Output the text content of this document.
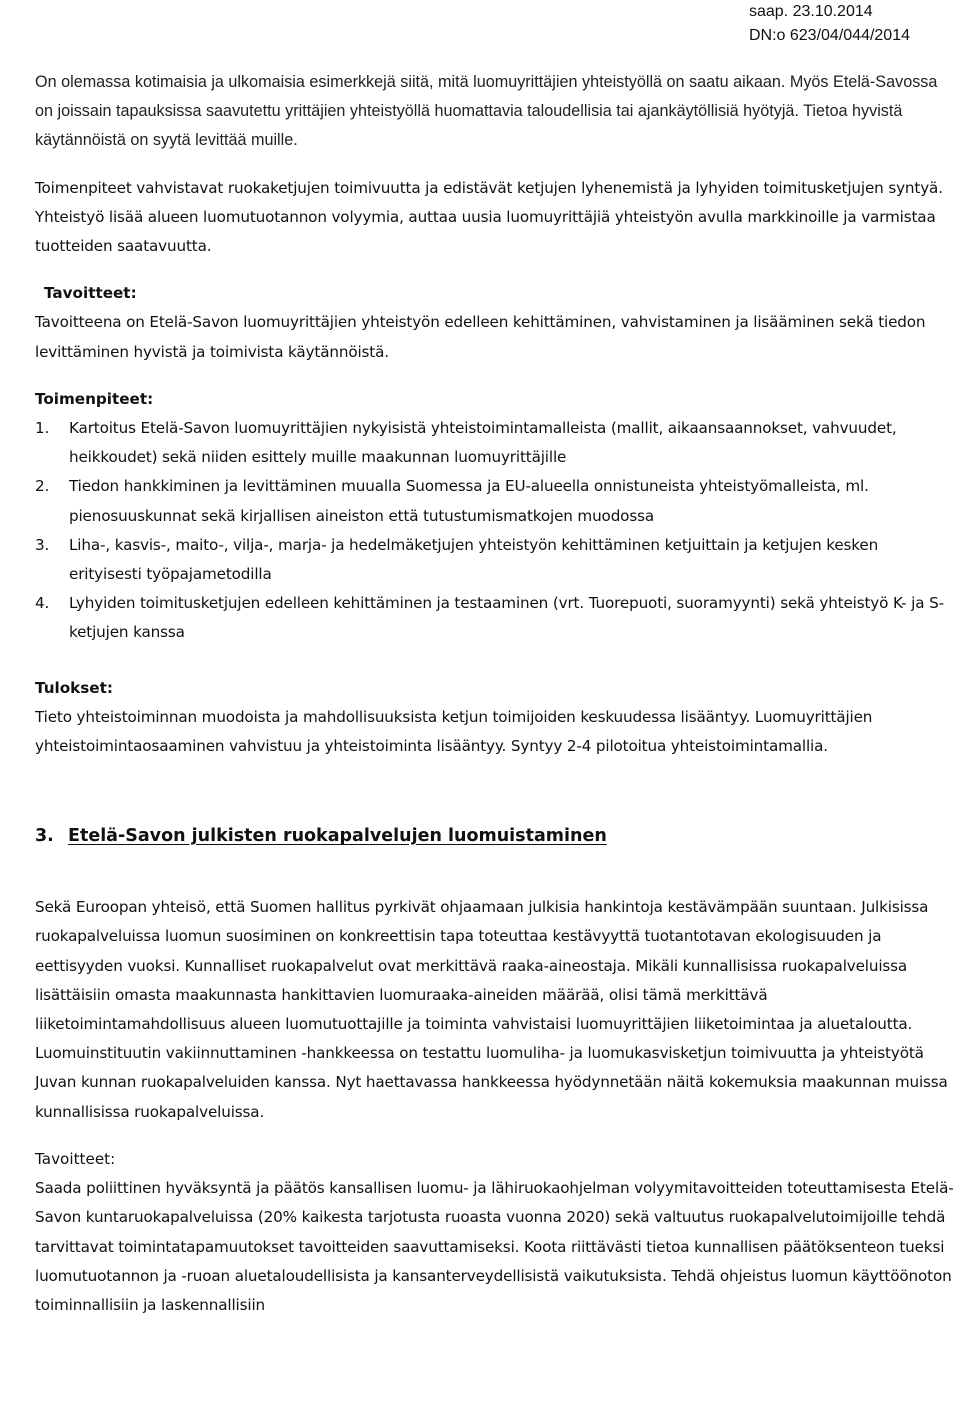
saap. 23.10.2014
DN:o 623/04/044/2014

On olemassa kotimaisia ja ulkomaisia esimerkkejä siitä, mitä luomuyrittäjien yhteistyöllä on saatu aikaan. Myös Etelä-Savossa on joissain tapauksissa saavutettu yrittäjien yhteistyöllä huomattavia taloudellisia tai ajankäytöllisiä hyötyjä. Tietoa hyvistä käytännöistä on syytä levittää muille.

Toimenpiteet vahvistavat ruokaketjujen toimivuutta ja edistävät ketjujen lyhenemistä ja lyhyiden toimitusketjujen syntyä. Yhteistyö lisää alueen luomutuotannon volyymia, auttaa uusia luomuyrittäjiä yhteistyön avulla markkinoille ja varmistaa tuotteiden saatavuutta.

Tavoitteet:

Tavoitteena on Etelä-Savon luomuyrittäjien yhteistyön edelleen kehittäminen, vahvistaminen ja lisääminen sekä tiedon levittäminen hyvistä ja toimivista käytännöistä.

Toimenpiteet:
1. Kartoitus Etelä-Savon luomuyrittäjien nykyisistä yhteistoimintamalleista (mallit, aikaansaannokset, vahvuudet, heikkoudet) sekä niiden esittely muille maakunnan luomuyrittäjille
2. Tiedon hankkiminen ja levittäminen muualla Suomessa ja EU-alueella onnistuneista yhteistyömalleista, ml. pienosuuskunnat sekä kirjallisen aineiston että tutustumismatkojen muodossa
3. Liha-, kasvis-, maito-, vilja-, marja- ja hedelmäketjujen yhteistyön kehittäminen ketjuittain ja ketjujen kesken erityisesti työpajametodilla
4. Lyhyiden toimitusketjujen edelleen kehittäminen ja testaaminen (vrt. Tuorepuoti, suoramyynti) sekä yhteistyö K- ja S-ketjujen kanssa
Tulokset:

Tieto yhteistoiminnan muodoista ja mahdollisuuksista ketjun toimijoiden keskuudessa lisääntyy. Luomuyrittäjien yhteistoimintaosaaminen vahvistuu ja yhteistoiminta lisääntyy. Syntyy 2-4 pilotoitua yhteistoimintamallia.

3. Etelä-Savon julkisten ruokapalvelujen luomuistaminen

Sekä Euroopan yhteisö, että Suomen hallitus pyrkivät ohjaamaan julkisia hankintoja kestävämpään suuntaan. Julkisissa ruokapalveluissa luomun suosiminen on konkreettisin tapa toteuttaa kestävyyttä tuotantotavan ekologisuuden ja eettisyyden vuoksi. Kunnalliset ruokapalvelut ovat merkittävä raaka-aineostaja. Mikäli kunnallisissa ruokapalveluissa lisättäisiin omasta maakunnasta hankittavien luomuraaka-aineiden määrää, olisi tämä merkittävä liiketoimintamahdollisuus alueen luomutuottajille ja toiminta vahvistaisi luomuyrittäjien liiketoimintaa ja aluetaloutta. Luomuinstituutin vakiinnuttaminen -hankkeessa on testattu luomuliha- ja luomukasvisketjun toimivuutta ja yhteistyötä Juvan kunnan ruokapalveluiden kanssa. Nyt haettavassa hankkeessa hyödynnetään näitä kokemuksia maakunnan muissa kunnallisissa ruokapalveluissa.

Tavoitteet:

Saada poliittinen hyväksyntä ja päätös kansallisen luomu- ja lähiruokaohjelman volyymitavoitteiden toteuttamisesta Etelä-Savon kuntaruokapalveluissa (20% kaikesta tarjotusta ruoasta vuonna 2020) sekä valtuutus ruokapalvelutoimijoille tehdä tarvittavat toimintatapamuutokset tavoitteiden saavuttamiseksi. Koota riittävästi tietoa kunnallisen päätöksenteon tueksi luomutuotannon ja -ruoan aluetaloudellisista ja kansanterveydellisistä vaikutuksista. Tehdä ohjeistus luomun käyttöönoton toiminnallisiin ja laskennallisiin
